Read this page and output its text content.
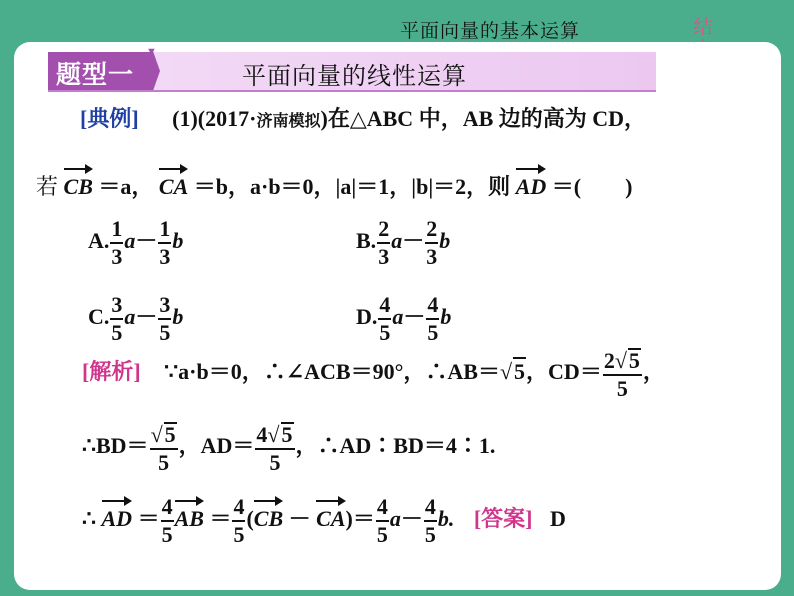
平面向量的基本运算	结
题型一
▼
平面向量的线性运算
[典例] (1)(2017·济南模拟)在△ABC 中，AB 边的高为 CD，
若 CB ＝a， CA ＝b，a·b＝0，|a|＝1，|b|＝2，则 AD ＝(　　)
A. $\frac{1}{3} a- \frac{1}{3}$ b	B. $\frac{2}{3} a- \frac{2}{3}$ b
C. $\frac{3}{5} a- \frac{3}{5}$ b	D. $\frac{4}{5} a- \frac{4}{5}$ b
[解析] ∵a·b＝0，∴∠ACB＝90°，∴AB＝√5，$CD= \frac{2√5}{5}$ ，
∴BD＝ $\frac{√5}{5}$ ，$AD= \frac{4√5}{5}$ ，∴AD∶BD＝4∶1.
∴ AD ＝ $\frac{4}{5}$ AB ＝ $\frac{4}{5} (CB - CA)= \frac{4}{5} a- \frac{4}{5} b$. [答案] D
